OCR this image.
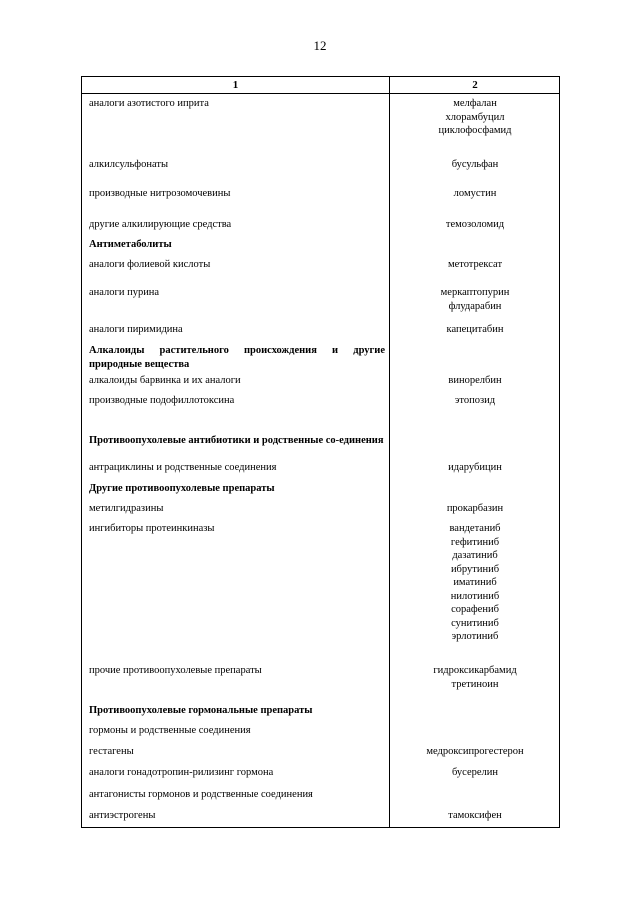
12
1	2
аналоги азотистого иприта	мелфалан
хлорамбуцил
циклофосфамид
алкилсульфонаты	бусульфан
производные нитрозомочевины	ломустин
другие алкилирующие средства	темозоломид
Антиметаболиты
аналоги фолиевой кислоты	метотрексат
аналоги пурина	меркаптопурин
флударабин
аналоги пиримидина	капецитабин
Алкалоиды растительного происхождения и другие природные вещества
алкалоиды барвинка и их аналоги	винорелбин
производные подофиллотоксина	этопозид
Противоопухолевые антибиотики и родственные со-единения
антрациклины и родственные соединения	идарубицин
Другие противоопухолевые препараты
метилгидразины	прокарбазин
ингибиторы протеинкиназы	вандетаниб
гефитиниб
дазатиниб
ибрутиниб
иматиниб
нилотиниб
сорафениб
сунитиниб
эрлотиниб
прочие противоопухолевые препараты	гидроксикарбамид
третиноин
Противоопухолевые гормональные препараты
гормоны и родственные соединения
гестагены	медроксипрогестерон
аналоги гонадотропин-рилизинг гормона	бусерелин
антагонисты гормонов и родственные соединения
антиэстрогены	тамоксифен
